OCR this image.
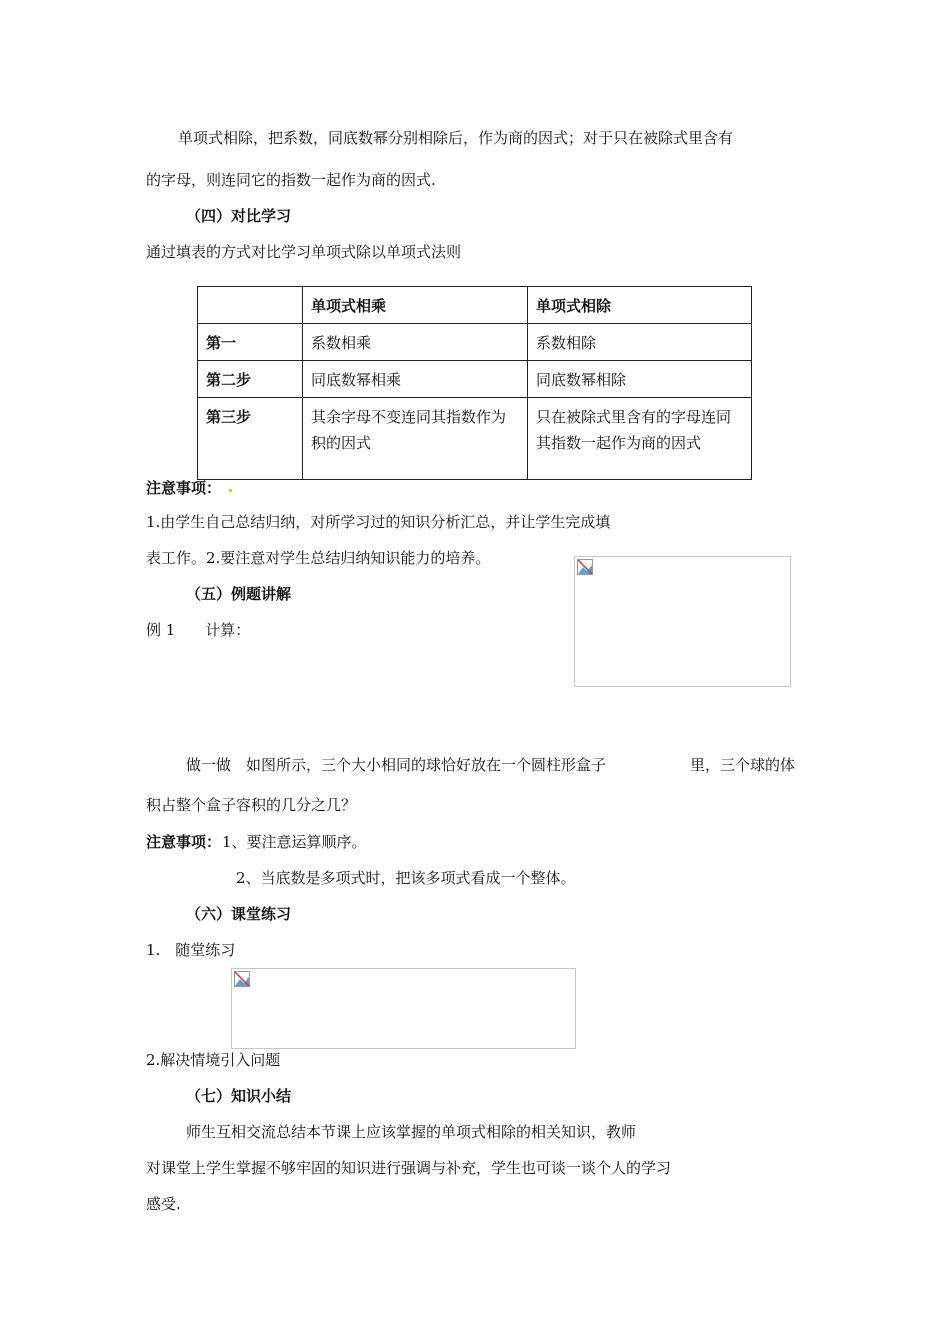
单项式相除，把系数，同底数幂分别相除后，作为商的因式；对于只在被除式里含有
的字母，则连同它的指数一起作为商的因式.
（四）对比学习
通过填表的方式对比学习单项式除以单项式法则
	单项式相乘	单项式相除
第一	系数相乘	系数相除
第二步	同底数幂相乘	同底数幂相除
第三步	其余字母不变连同其指数作为积的因式	只在被除式里含有的字母连同其指数一起作为商的因式
注意事项：
1.由学生自己总结归纳，对所学习过的知识分析汇总，并让学生完成填
表工作。2.要注意对学生总结归纳知识能力的培养。
（五）例题讲解
例 1　　计算：
做一做　如图所示，三个大小相同的球恰好放在一个圆柱形盒子	里，三个球的体
积占整个盒子容积的几分之几？
注意事项： 1、要注意运算顺序。
2、当底数是多项式时，把该多项式看成一个整体。
（六）课堂练习
1.　随堂练习
2.解决情境引入问题
（七）知识小结
师生互相交流总结本节课上应该掌握的单项式相除的相关知识，教师
对课堂上学生掌握不够牢固的知识进行强调与补充，学生也可谈一谈个人的学习
感受.
